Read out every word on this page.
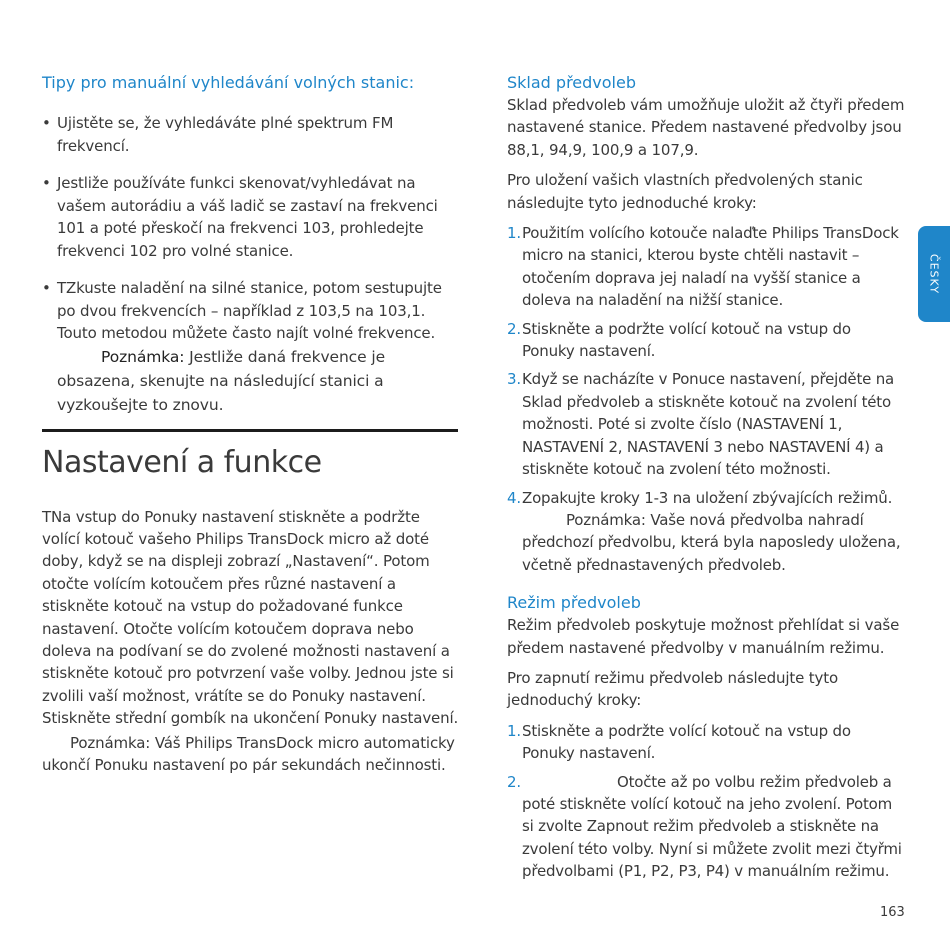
Tipy pro manuální vyhledávání volných stanic:
• Ujistěte se, že vyhledáváte plné spektrum FM frekvencí.
• Jestliže používáte funkci skenovat/vyhledávat na vašem autorádiu a váš ladič se zastaví na frekvenci 101 a poté přeskočí na frekvenci 103, prohledejte frekvenci 102 pro volné stanice.
• TZkuste naladění na silné stanice, potom sestupujte po dvou frekvencích – například z 103,5 na 103,1. Touto metodou můžete často najít volné frekvence.
Poznámka: Jestliže daná frekvence je obsazena, skenujte na následující stanici a vyzkoušejte to znovu.
Nastavení a funkce

TNa vstup do Ponuky nastavení stiskněte a podržte volící kotouč vašeho Philips TransDock micro až doté doby, když se na displeji zobrazí „Nastavení“. Potom otočte volícím kotoučem přes různé nastavení a stiskněte kotouč na vstup do požadované funkce nastavení. Otočte volícím kotoučem doprava nebo doleva na podívaní se do zvolené možnosti nastavení a stiskněte kotouč pro potvrzení vaše volby. Jednou jste si zvolili vaší možnost, vrátíte se do Ponuky nastavení. Stiskněte střední gombík na ukončení Ponuky nastavení.

Poznámka: Váš Philips TransDock micro automaticky ukončí Ponuku nastavení po pár sekundách nečinnosti.

Sklad předvoleb

Sklad předvoleb vám umožňuje uložit až čtyři předem nastavené stanice. Předem nastavené předvolby jsou 88,1, 94,9, 100,9 a 107,9.

Pro uložení vašich vlastních předvolených stanic následujte tyto jednoduché kroky:

1. Použitím volícího kotouče nalaďte Philips TransDock micro na stanici, kterou byste chtěli nastavit – otočením doprava jej naladí na vyšší stanice a doleva na naladění na nižší stanice.
2. Stiskněte a podržte volící kotouč na vstup do Ponuky nastavení.
3. Když se nacházíte v Ponuce nastavení, přejděte na Sklad předvoleb a stiskněte kotouč na zvolení této možnosti. Poté si zvolte číslo (NASTAVENÍ 1, NASTAVENÍ 2, NASTAVENÍ 3 nebo NASTAVENÍ 4) a stiskněte kotouč na zvolení této možnosti.
4. Zopakujte kroky 1-3 na uložení zbývajících režimů.
Poznámka: Vaše nová předvolba nahradí předchozí předvolbu, která byla naposledy uložena, včetně přednastavených předvoleb.
Režim předvoleb

Režim předvoleb poskytuje možnost přehlídat si vaše předem nastavené předvolby v manuálním režimu.

Pro zapnutí režimu předvoleb následujte tyto jednoduchý kroky:

1. Stiskněte a podržte volící kotouč na vstup do Ponuky nastavení.
2.	Otočte až po volbu režim předvoleb a poté stiskněte volící kotouč na jeho zvolení. Potom si zvolte Zapnout režim předvoleb a stiskněte na zvolení této volby. Nyní si můžete zvolit mezi čtyřmi předvolbami (P1, P2, P3, P4) v manuálním režimu.
ČESKY
163
